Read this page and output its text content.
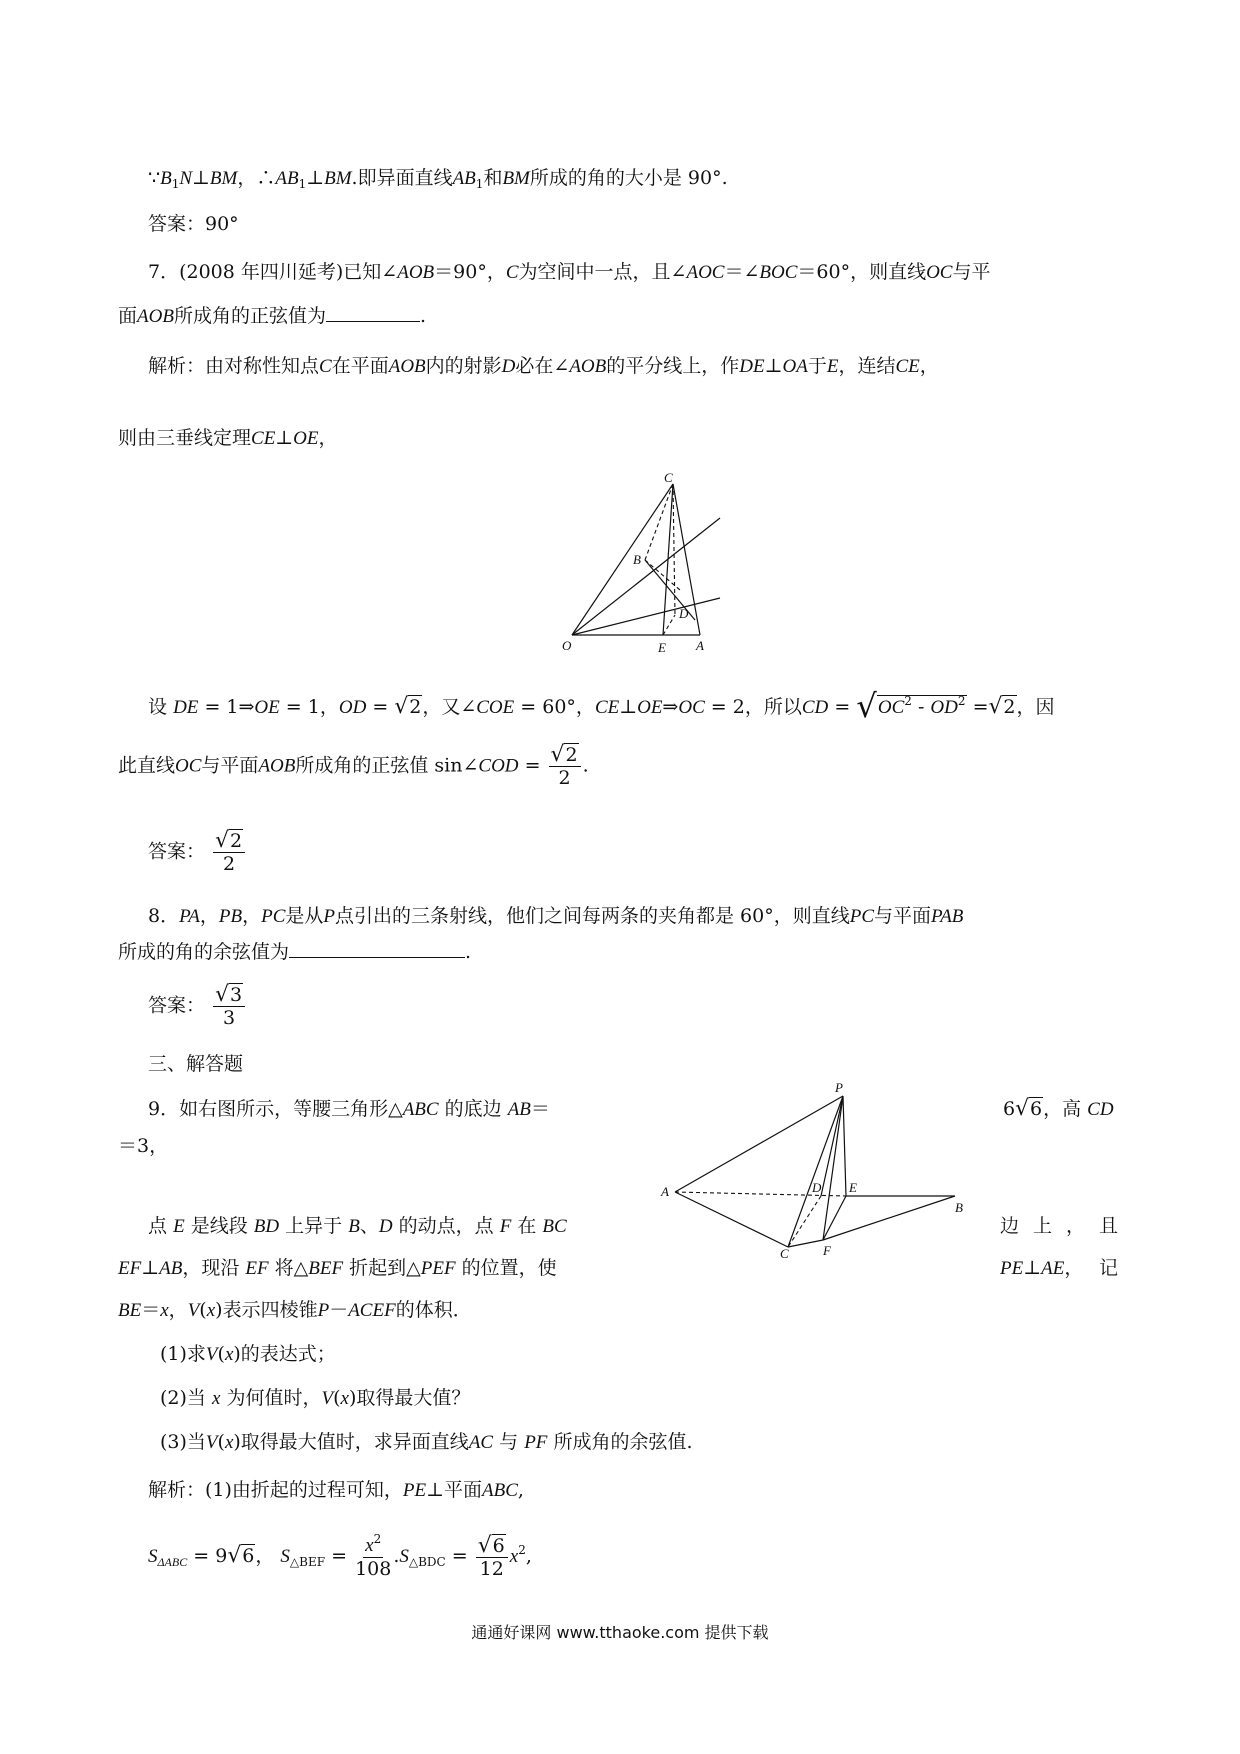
$\because B_1N\perp BM$，$\therefore AB_1\perp BM$.即异面直线$AB_1$和BM所成的角的大小是 90°.
答案：90°
7．(2008 年四川延考)已知∠AOB＝90°，C为空间中一点，且∠AOC＝∠BOC＝60°，则直线OC与平
面AOB所成角的正弦值为	.
解析：由对称性知点C在平面AOB内的射影D必在∠AOB的平分线上，作DE⊥OA于E，连结CE，
则由三垂线定理CE⊥OE，
C
B
D
O	E A
设 DE = 1⇒OE = 1，OD = √2，又∠COE = 60°，CE⊥OE⇒OC = 2，所以CD = $√OC^2 - OD^2 =√2$，因
此直线OC与平面AOB所成角的正弦值 sin∠COD = $\frac{√2}{2}$ .
答案： $\frac{√2}{2}$
8．PA，PB，PC是从P点引出的三条射线，他们之间每两条的夹角都是 60°，则直线PC与平面PAB
所成的角的余弦值为	.
答案： $\frac{√3}{3}$
三、解答题
9．如右图所示，等腰三角形△ABC 的底边 AB＝	6√6，高 CD
＝3，
点 E 是线段 BD 上异于 B、D 的动点，点 F 在 BC	边 上 ， 且
EF⊥AB，现沿 EF 将△BEF 折起到△PEF 的位置，使	PE⊥AE， 记
BE＝x，V(x)表示四棱锥P－ACEF的体积．
P
A	D E
B
C	F
(1)求V(x)的表达式；
(2)当 x 为何值时，V(x)取得最大值？
(3)当V(x)取得最大值时，求异面直线AC 与 PF 所成角的余弦值.
解析：(1)由折起的过程可知，PE⊥平面ABC,
$S_{\Delta ABC} = 9√6$， $S_{\triangle BEF} = \frac{x^2}{108} .S_{\triangle BDC} = \frac{√6}{12} x^2$,
通通好课网 www.tthaoke.com 提供下载
